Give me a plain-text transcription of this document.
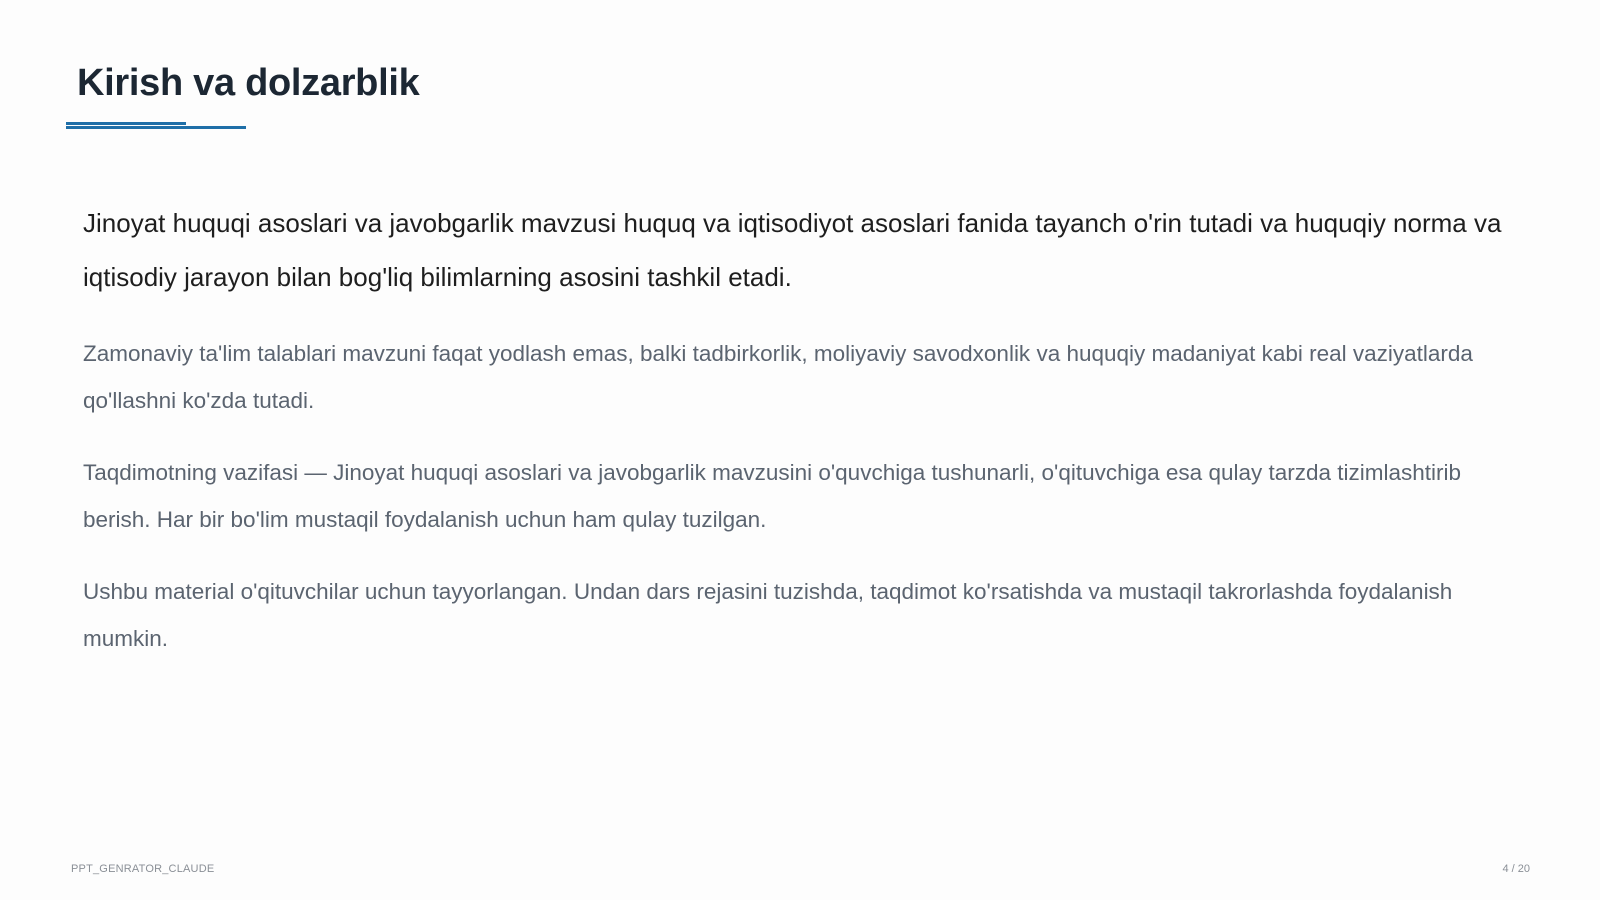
Kirish va dolzarblik

Jinoyat huquqi asoslari va javobgarlik mavzusi huquq va iqtisodiyot asoslari fanida tayanch o'rin tutadi va huquqiy norma va iqtisodiy jarayon bilan bog'liq bilimlarning asosini tashkil etadi.

Zamonaviy ta'lim talablari mavzuni faqat yodlash emas, balki tadbirkorlik, moliyaviy savodxonlik va huquqiy madaniyat kabi real vaziyatlarda qo'llashni ko'zda tutadi.

Taqdimotning vazifasi — Jinoyat huquqi asoslari va javobgarlik mavzusini o'quvchiga tushunarli, o'qituvchiga esa qulay tarzda tizimlashtirib berish. Har bir bo'lim mustaqil foydalanish uchun ham qulay tuzilgan.

Ushbu material o'qituvchilar uchun tayyorlangan. Undan dars rejasini tuzishda, taqdimot ko'rsatishda va mustaqil takrorlashda foydalanish mumkin.

PPT_GENRATOR_CLAUDE	4 / 20
